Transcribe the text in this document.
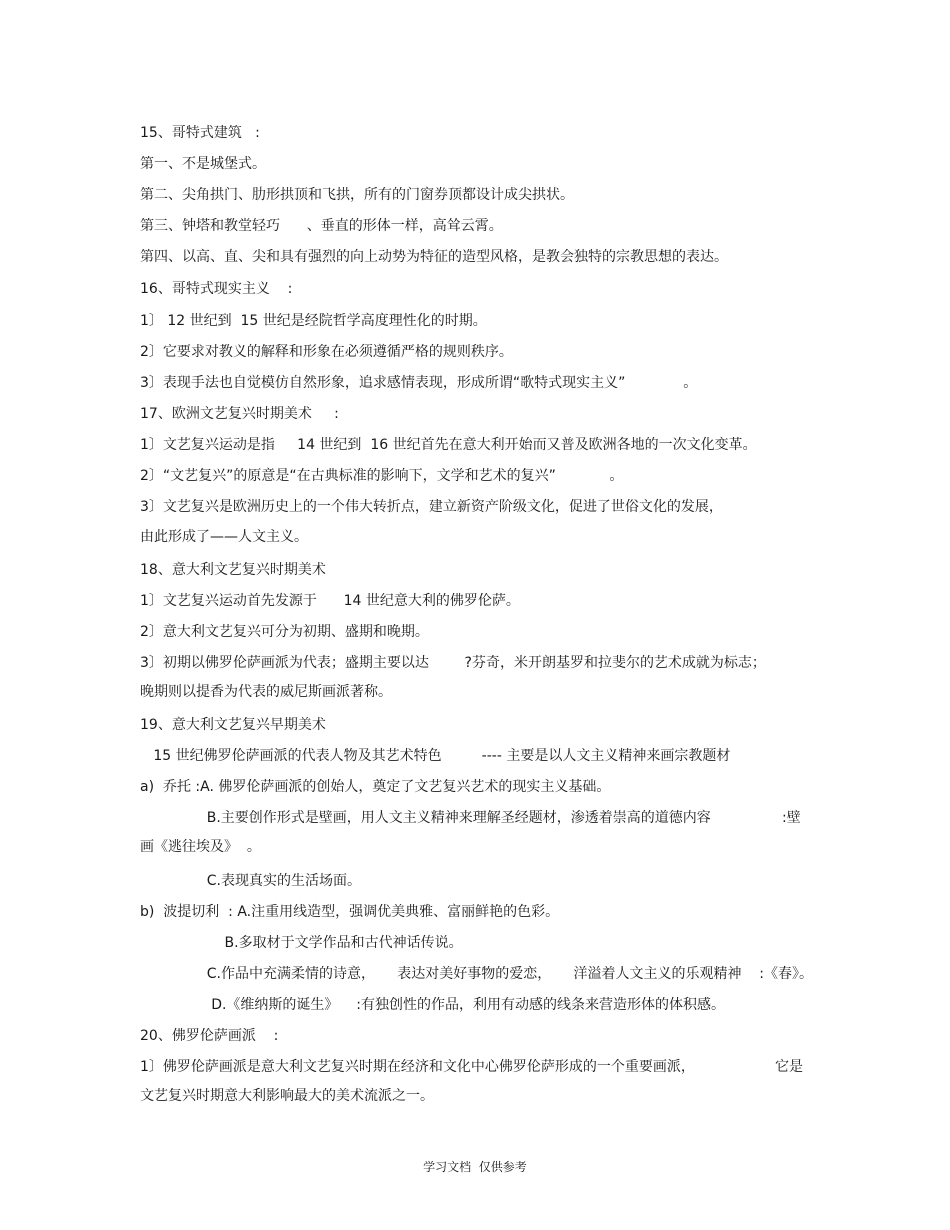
15、哥特式建筑   :

第一、不是城堡式。

第二、尖角拱门、肋形拱顶和飞拱，所有的门窗券顶都设计成尖拱状。

第三、钟塔和教堂轻巧      、垂直的形体一样，高耸云霄。

第四、以高、直、尖和具有强烈的向上动势为特征的造型风格，是教会独特的宗教思想的表达。

16、哥特式现实主义    :

1〕 12 世纪到  15 世纪是经院哲学高度理性化的时期。

2〕它要求对教义的解释和形象在必须遵循严格的规则秩序。

3〕表现手法也自觉模仿自然形象，追求感情表现，形成所谓“歌特式现实主义”             。

17、欧洲文艺复兴时期美术     :

1〕文艺复兴运动是指     14 世纪到  16 世纪首先在意大利开始而又普及欧洲各地的一次文化变革。

2〕“文艺复兴”的原意是“在古典标准的影响下，文学和艺术的复兴”            。

3〕文艺复兴是欧洲历史上的一个伟大转折点，建立新资产阶级文化，促进了世俗文化的发展，

由此形成了——人文主义。

18、意大利文艺复兴时期美术

1〕文艺复兴运动首先发源于      14 世纪意大利的佛罗伦萨。

2〕意大利文艺复兴可分为初期、盛期和晚期。

3〕初期以佛罗伦萨画派为代表；盛期主要以达        ?芬奇，米开朗基罗和拉斐尔的艺术成就为标志；

晚期则以提香为代表的威尼斯画派著称。

19、意大利文艺复兴早期美术

15 世纪佛罗伦萨画派的代表人物及其艺术特色         ---- 主要是以人文主义精神来画宗教题材

a)  乔托 :A. 佛罗伦萨画派的创始人，奠定了文艺复兴艺术的现实主义基础。

B.主要创作形式是壁画，用人文主义精神来理解圣经题材，渗透着崇高的道德内容                :壁

画《逃往埃及》  。

C.表现真实的生活场面。

b)  波提切利  : A.注重用线造型，强调优美典雅、富丽鲜艳的色彩。

B.多取材于文学作品和古代神话传说。

C.作品中充满柔情的诗意，     表达对美好事物的爱恋，     洋溢着人文主义的乐观精神    :《春》。

D.《维纳斯的诞生》    :有独创性的作品，利用有动感的线条来营造形体的体积感。

20、佛罗伦萨画派    :

1〕佛罗伦萨画派是意大利文艺复兴时期在经济和文化中心佛罗伦萨形成的一个重要画派，                  它是

文艺复兴时期意大利影响最大的美术流派之一。

学习文档  仅供参考
